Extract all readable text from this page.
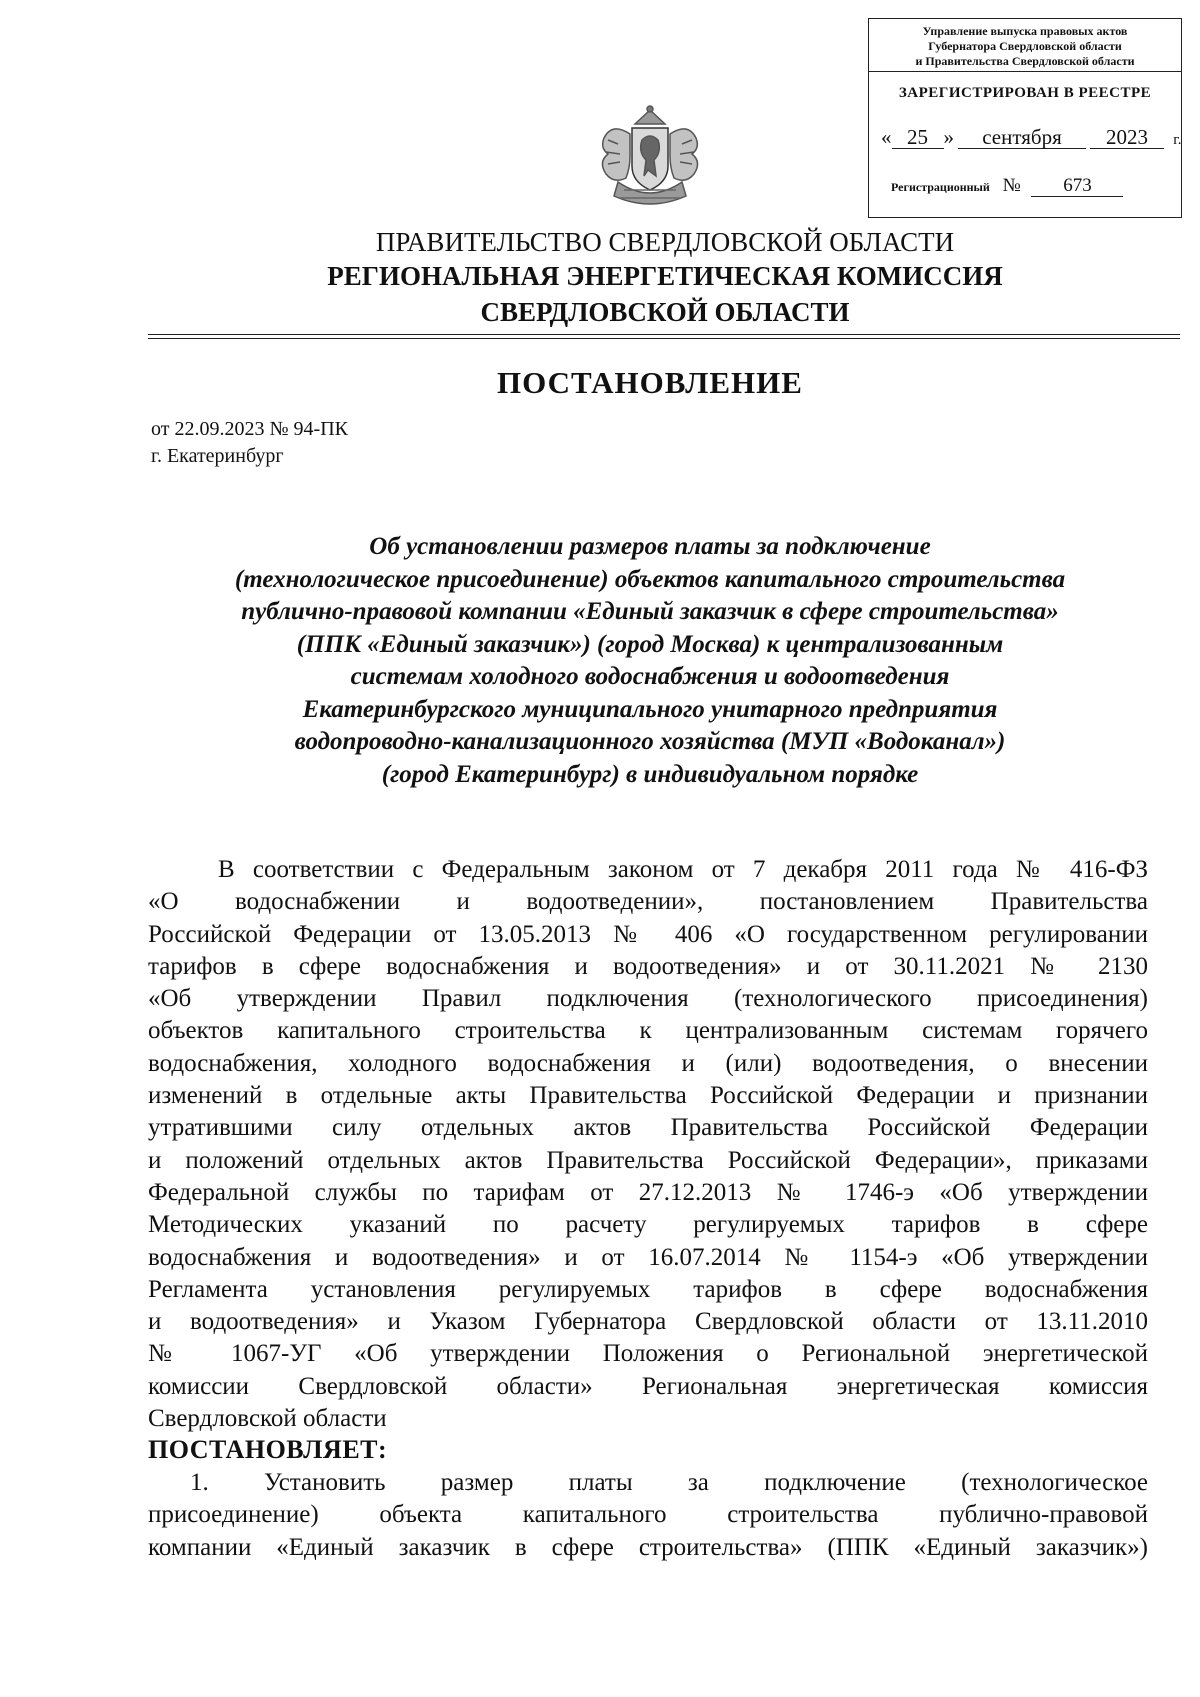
Управление выпуска правовых актов
Губернатора Свердловской области
и Правительства Свердловской области
ЗАРЕГИСТРИРОВАН В РЕЕСТРЕ
« 25 » сентября 2023 г.
Регистрационный № 673
ПРАВИТЕЛЬСТВО СВЕРДЛОВСКОЙ ОБЛАСТИ
РЕГИОНАЛЬНАЯ ЭНЕРГЕТИЧЕСКАЯ КОМИССИЯ
СВЕРДЛОВСКОЙ ОБЛАСТИ
ПОСТАНОВЛЕНИЕ
от 22.09.2023 № 94-ПК
г. Екатеринбург
Об установлении размеров платы за подключение
(технологическое присоединение) объектов капитального строительства
публично-правовой компании «Единый заказчик в сфере строительства»
(ППК «Единый заказчик») (город Москва) к централизованным
системам холодного водоснабжения и водоотведения
Екатеринбургского муниципального унитарного предприятия
водопроводно-канализационного хозяйства (МУП «Водоканал»)
(город Екатеринбург) в индивидуальном порядке
В соответствии с Федеральным законом от 7 декабря 2011 года № 416-ФЗ
«О водоснабжении и водоотведении», постановлением Правительства
Российской Федерации от 13.05.2013 № 406 «О государственном регулировании
тарифов в сфере водоснабжения и водоотведения» и от 30.11.2021 № 2130
«Об утверждении Правил подключения (технологического присоединения)
объектов капитального строительства к централизованным системам горячего
водоснабжения, холодного водоснабжения и (или) водоотведения, о внесении
изменений в отдельные акты Правительства Российской Федерации и признании
утратившими силу отдельных актов Правительства Российской Федерации
и положений отдельных актов Правительства Российской Федерации», приказами
Федеральной службы по тарифам от 27.12.2013 № 1746-э «Об утверждении
Методических указаний по расчету регулируемых тарифов в сфере
водоснабжения и водоотведения» и от 16.07.2014 № 1154-э «Об утверждении
Регламента установления регулируемых тарифов в сфере водоснабжения
и водоотведения» и Указом Губернатора Свердловской области от 13.11.2010
№ 1067-УГ «Об утверждении Положения о Региональной энергетической
комиссии Свердловской области» Региональная энергетическая комиссия
Свердловской области
ПОСТАНОВЛЯЕТ:
1. Установить размер платы за подключение (технологическое
присоединение) объекта капитального строительства публично-правовой
компании «Единый заказчик в сфере строительства» (ППК «Единый заказчик»)
